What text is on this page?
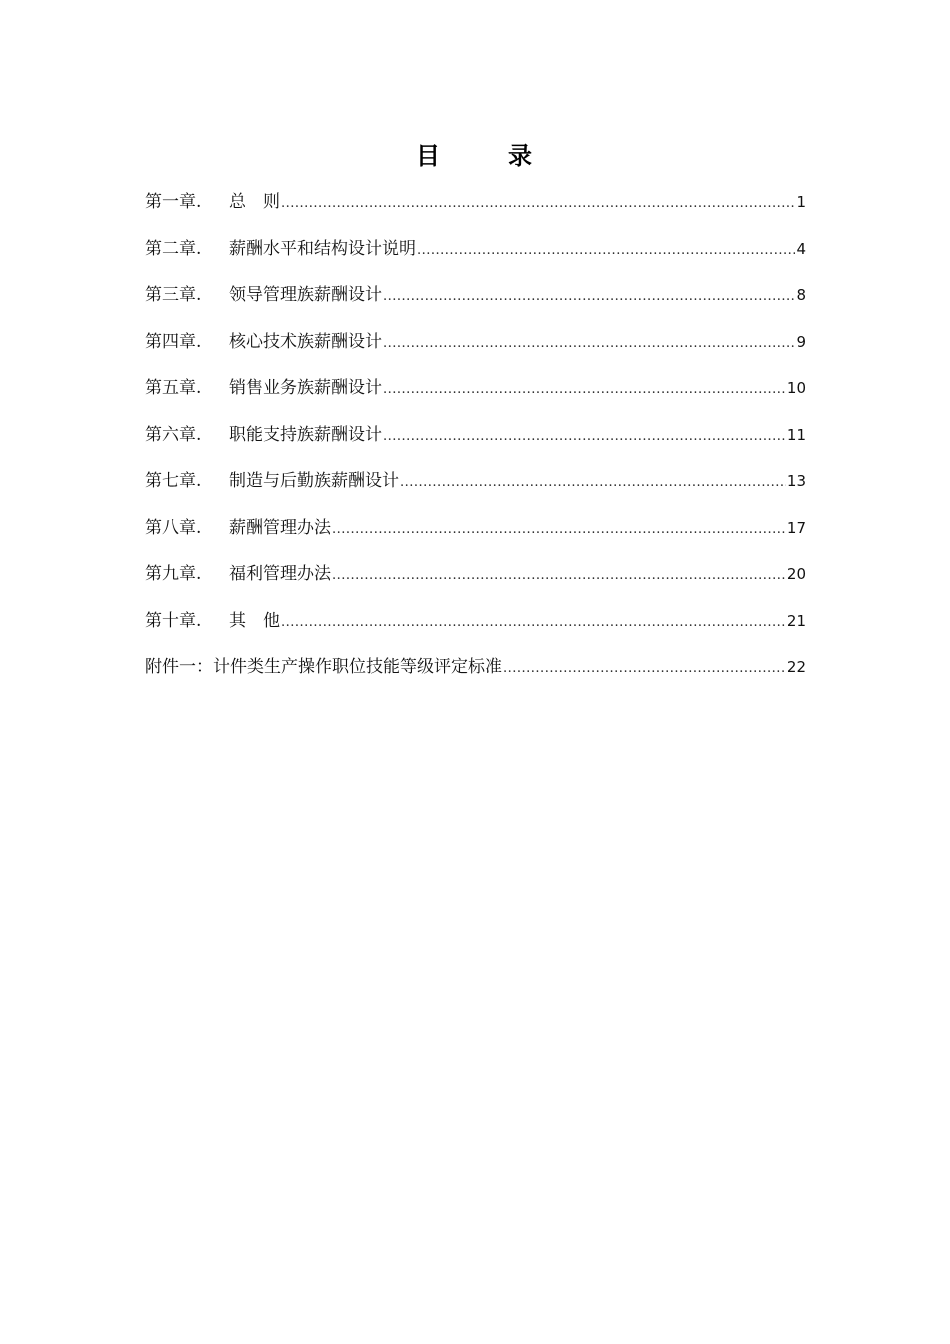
目　录
第一章.	总　则 .....	1
第二章.	薪酬水平和结构设计说明 .....	4
第三章.	领导管理族薪酬设计 .....	8
第四章.	核心技术族薪酬设计 .....	9
第五章.	销售业务族薪酬设计 .....	10
第六章.	职能支持族薪酬设计 .....	11
第七章.	制造与后勤族薪酬设计 .....	13
第八章.	薪酬管理办法 .....	17
第九章.	福利管理办法 .....	20
第十章.	其　他 .....	21
附件一： 计件类生产操作职位技能等级评定标准 .....	22
